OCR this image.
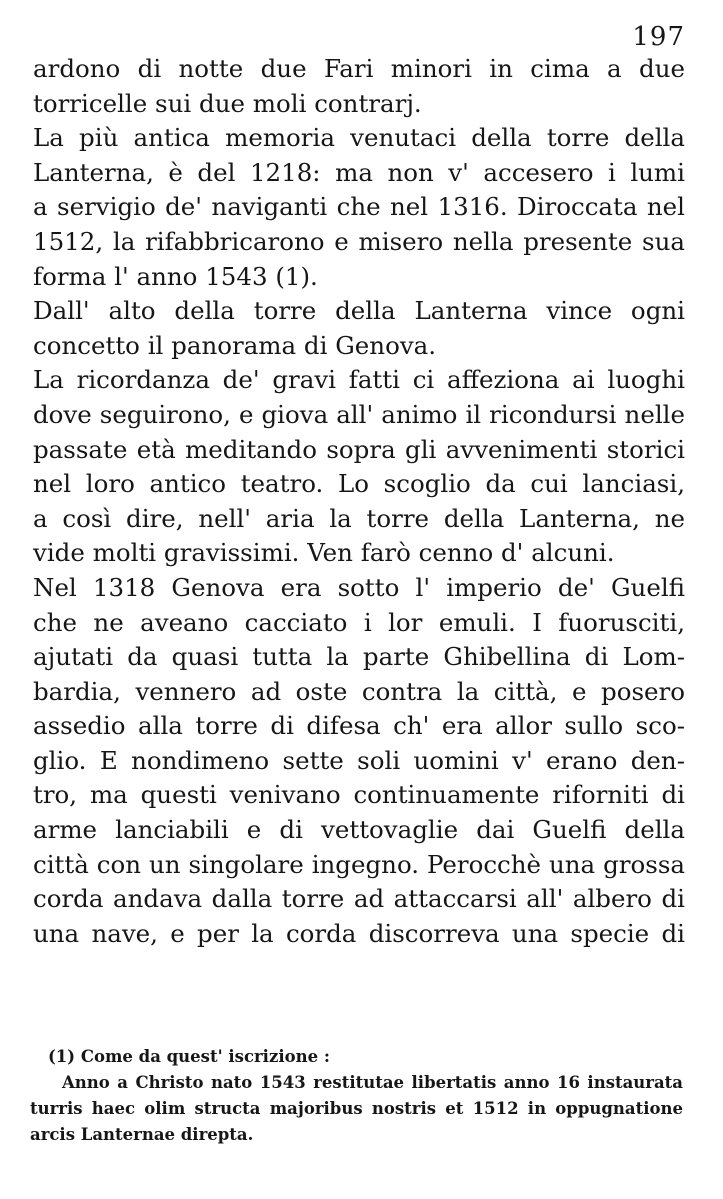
197
ardono di notte due Fari minori in cima a due
torricelle sui due moli contrarj.
La più antica memoria venutaci della torre della
Lanterna, è del 1218: ma non v' accesero i lumi
a servigio de' naviganti che nel 1316. Diroccata nel
1512, la rifabbricarono e misero nella presente sua
forma l' anno 1543 (1).
Dall' alto della torre della Lanterna vince ogni
concetto il panorama di Genova.
La ricordanza de' gravi fatti ci affeziona ai luoghi
dove seguirono, e giova all' animo il ricondursi nelle
passate età meditando sopra gli avvenimenti storici
nel loro antico teatro. Lo scoglio da cui lanciasi,
a così dire, nell' aria la torre della Lanterna, ne
vide molti gravissimi. Ven farò cenno d' alcuni.
Nel 1318 Genova era sotto l' imperio de' Guelfi
che ne aveano cacciato i lor emuli. I fuorusciti,
ajutati da quasi tutta la parte Ghibellina di Lom-
bardia, vennero ad oste contra la città, e posero
assedio alla torre di difesa ch' era allor sullo sco-
glio. E nondimeno sette soli uomini v' erano den-
tro, ma questi venivano continuamente riforniti di
arme lanciabili e di vettovaglie dai Guelfi della
città con un singolare ingegno. Perocchè una grossa
corda andava dalla torre ad attaccarsi all' albero di
una nave, e per la corda discorreva una specie di
(1) Come da quest' iscrizione :
Anno a Christo nato 1543 restitutae libertatis anno 16 instaurata
turris haec olim structa majoribus nostris et 1512 in oppugnatione
arcis Lanternae direpta.
